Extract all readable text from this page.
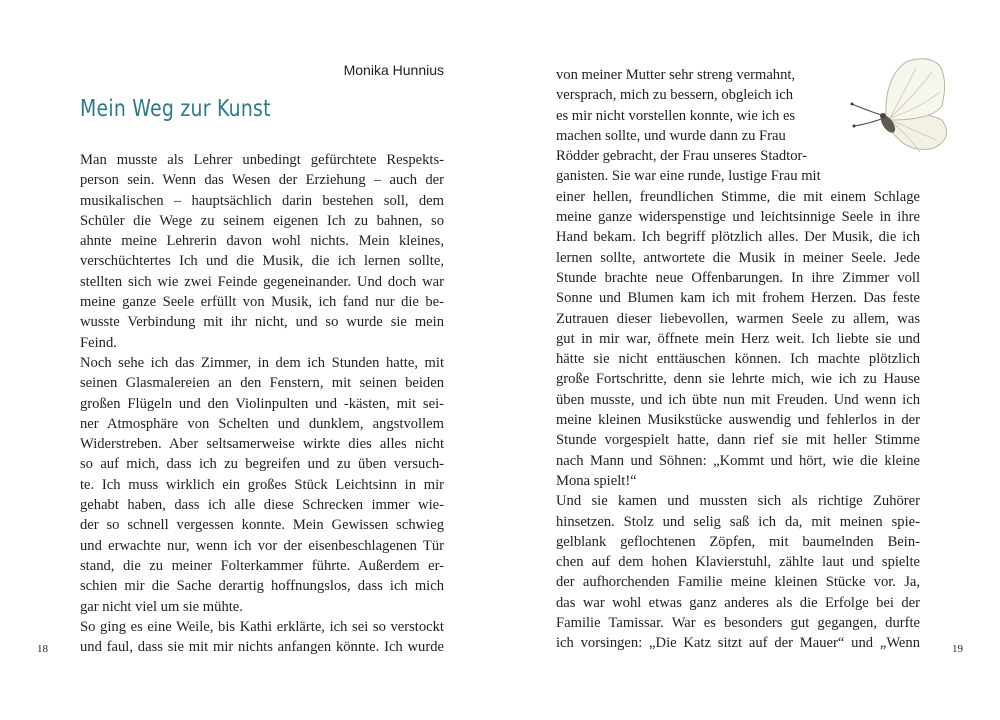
Monika Hunnius
Mein Weg zur Kunst
Man musste als Lehrer unbedingt gefürchtete Respekts-
person sein. Wenn das Wesen der Erziehung – auch der
musikalischen – hauptsächlich darin bestehen soll, dem
Schüler die Wege zu seinem eigenen Ich zu bahnen, so
ahnte meine Lehrerin davon wohl nichts. Mein kleines,
verschüchtertes Ich und die Musik, die ich lernen sollte,
stellten sich wie zwei Feinde gegeneinander. Und doch war
meine ganze Seele erfüllt von Musik, ich fand nur die be-
wusste Verbindung mit ihr nicht, und so wurde sie mein
Feind.
Noch sehe ich das Zimmer, in dem ich Stunden hatte, mit
seinen Glasmalereien an den Fenstern, mit seinen beiden
großen Flügeln und den Violinpulten und -kästen, mit sei-
ner Atmosphäre von Schelten und dunklem, angstvollem
Widerstreben. Aber seltsamerweise wirkte dies alles nicht
so auf mich, dass ich zu begreifen und zu üben versuch-
te. Ich muss wirklich ein großes Stück Leichtsinn in mir
gehabt haben, dass ich alle diese Schrecken immer wie-
der so schnell vergessen konnte. Mein Gewissen schwieg
und erwachte nur, wenn ich vor der eisenbeschlagenen Tür
stand, die zu meiner Folterkammer führte. Außerdem er-
schien mir die Sache derartig hoffnungslos, dass ich mich
gar nicht viel um sie mühte.
So ging es eine Weile, bis Kathi erklärte, ich sei so verstockt
und faul, dass sie mit mir nichts anfangen könnte. Ich wurde
18
von meiner Mutter sehr streng vermahnt,
versprach, mich zu bessern, obgleich ich
es mir nicht vorstellen konnte, wie ich es
machen sollte, und wurde dann zu Frau
Rödder gebracht, der Frau unseres Stadtor-
ganisten. Sie war eine runde, lustige Frau mit
einer hellen, freundlichen Stimme, die mit einem Schlage
meine ganze widerspenstige und leichtsinnige Seele in ihre
Hand bekam. Ich begriff plötzlich alles. Der Musik, die ich
lernen sollte, antwortete die Musik in meiner Seele. Jede
Stunde brachte neue Offenbarungen. In ihre Zimmer voll
Sonne und Blumen kam ich mit frohem Herzen. Das feste
Zutrauen dieser liebevollen, warmen Seele zu allem, was
gut in mir war, öffnete mein Herz weit. Ich liebte sie und
hätte sie nicht enttäuschen können. Ich machte plötzlich
große Fortschritte, denn sie lehrte mich, wie ich zu Hause
üben musste, und ich übte nun mit Freuden. Und wenn ich
meine kleinen Musikstücke auswendig und fehlerlos in der
Stunde vorgespielt hatte, dann rief sie mit heller Stimme
nach Mann und Söhnen: „Kommt und hört, wie die kleine
Mona spielt!“
Und sie kamen und mussten sich als richtige Zuhörer
hinsetzen. Stolz und selig saß ich da, mit meinen spie-
gelblank geflochtenen Zöpfen, mit baumelnden Bein-
chen auf dem hohen Klavierstuhl, zählte laut und spielte
der aufhorchenden Familie meine kleinen Stücke vor. Ja,
das war wohl etwas ganz anderes als die Erfolge bei der
Familie Tamissar. War es besonders gut gegangen, durfte
ich vorsingen: „Die Katz sitzt auf der Mauer“ und „Wenn	19
